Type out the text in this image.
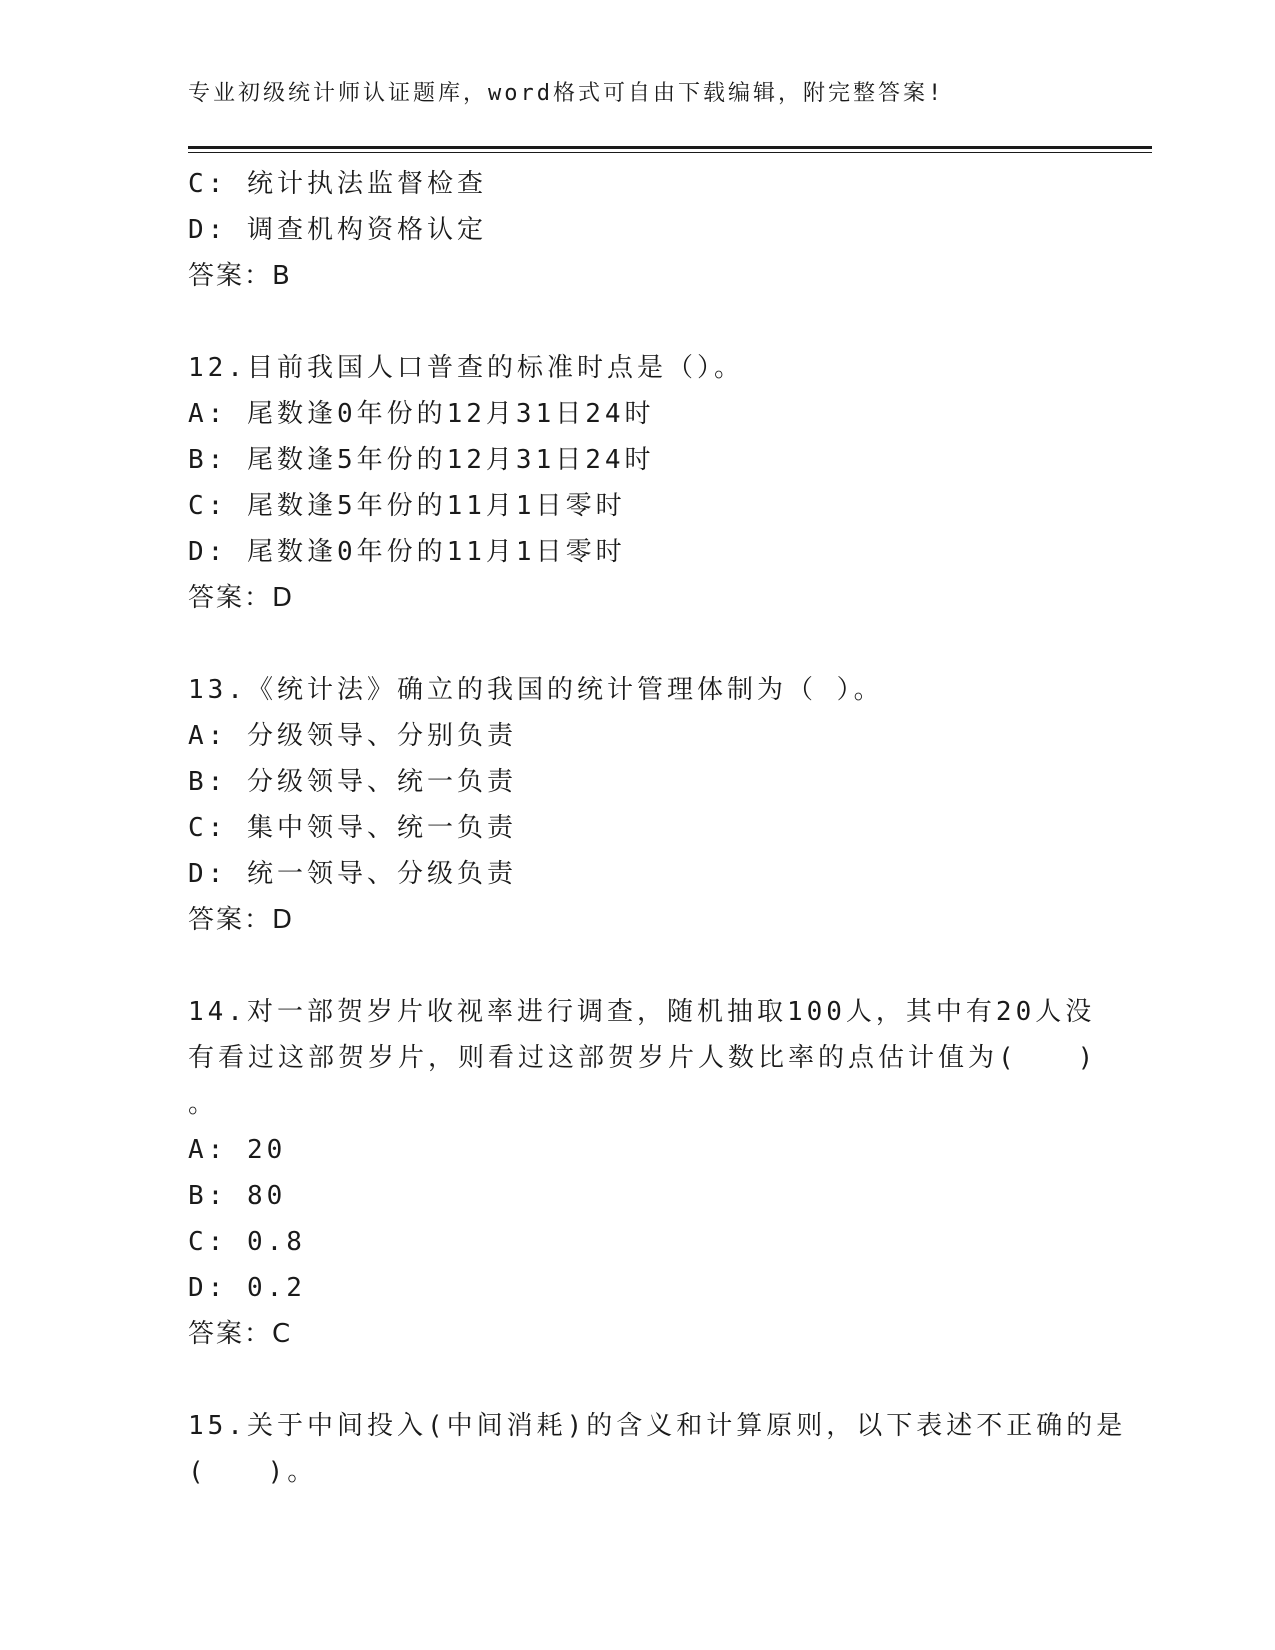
专业初级统计师认证题库，word格式可自由下载编辑，附完整答案!
C: 统计执法监督检查
D: 调查机构资格认定
答案：B
12.目前我国人口普查的标准时点是（）。
A: 尾数逢0年份的12月31日24时
B: 尾数逢5年份的12月31日24时
C: 尾数逢5年份的11月1日零时
D: 尾数逢0年份的11月1日零时
答案：D
13.《统计法》确立的我国的统计管理体制为（ ）。
A: 分级领导、分别负责
B: 分级领导、统一负责
C: 集中领导、统一负责
D: 统一领导、分级负责
答案：D
14.对一部贺岁片收视率进行调查，随机抽取100人，其中有20人没
有看过这部贺岁片，则看过这部贺岁片人数比率的点估计值为(　　)
。
A: 20
B: 80
C: 0.8
D: 0.2
答案：C
15.关于中间投入(中间消耗)的含义和计算原则，以下表述不正确的是
(　　)。
